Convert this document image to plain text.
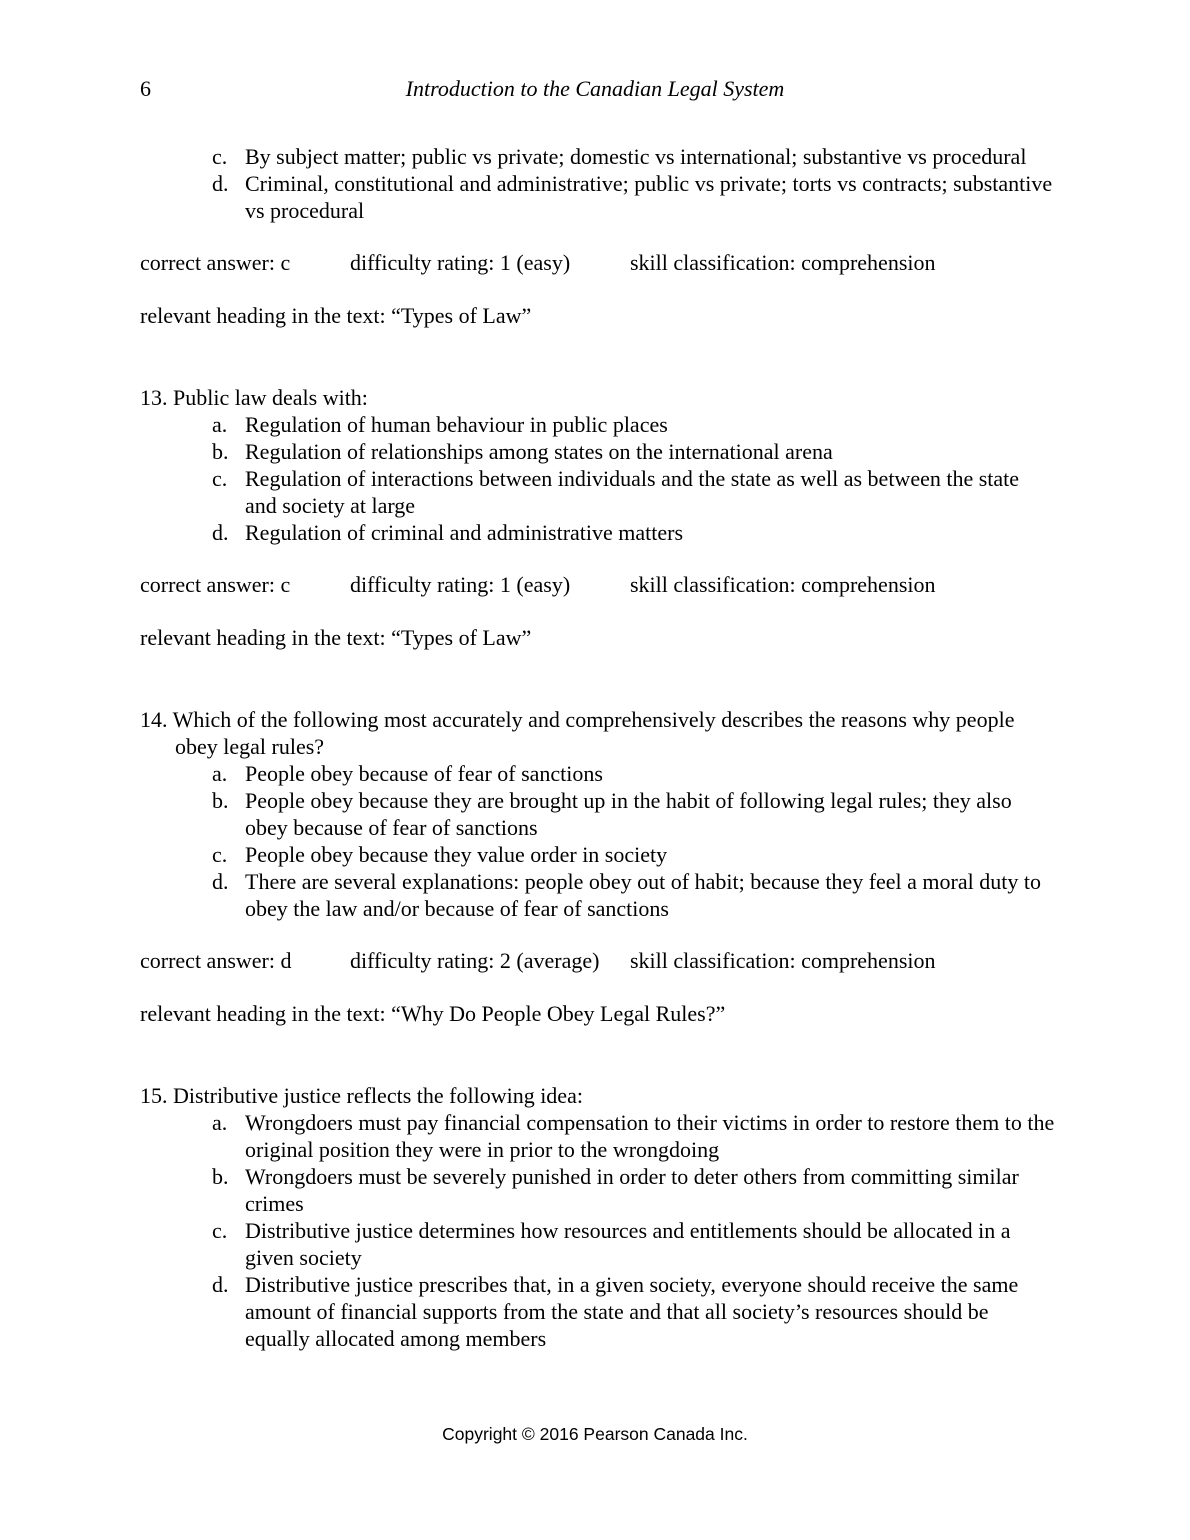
6	Introduction to the Canadian Legal System
c. By subject matter; public vs private; domestic vs international; substantive vs procedural
d. Criminal, constitutional and administrative; public vs private; torts vs contracts; substantive vs procedural
correct answer: c	difficulty rating: 1 (easy)	skill classification: comprehension
relevant heading in the text: “Types of Law”
13. Public law deals with:
a. Regulation of human behaviour in public places
b. Regulation of relationships among states on the international arena
c. Regulation of interactions between individuals and the state as well as between the state and society at large
d. Regulation of criminal and administrative matters
correct answer: c	difficulty rating: 1 (easy)	skill classification: comprehension
relevant heading in the text: “Types of Law”
14. Which of the following most accurately and comprehensively describes the reasons why people obey legal rules?
a. People obey because of fear of sanctions
b. People obey because they are brought up in the habit of following legal rules; they also obey because of fear of sanctions
c. People obey because they value order in society
d. There are several explanations: people obey out of habit; because they feel a moral duty to obey the law and/or because of fear of sanctions
correct answer: d	difficulty rating: 2 (average) skill classification: comprehension
relevant heading in the text: “Why Do People Obey Legal Rules?”
15. Distributive justice reflects the following idea:
a. Wrongdoers must pay financial compensation to their victims in order to restore them to the original position they were in prior to the wrongdoing
b. Wrongdoers must be severely punished in order to deter others from committing similar crimes
c. Distributive justice determines how resources and entitlements should be allocated in a given society
d. Distributive justice prescribes that, in a given society, everyone should receive the same amount of financial supports from the state and that all society’s resources should be equally allocated among members
Copyright © 2016 Pearson Canada Inc.
